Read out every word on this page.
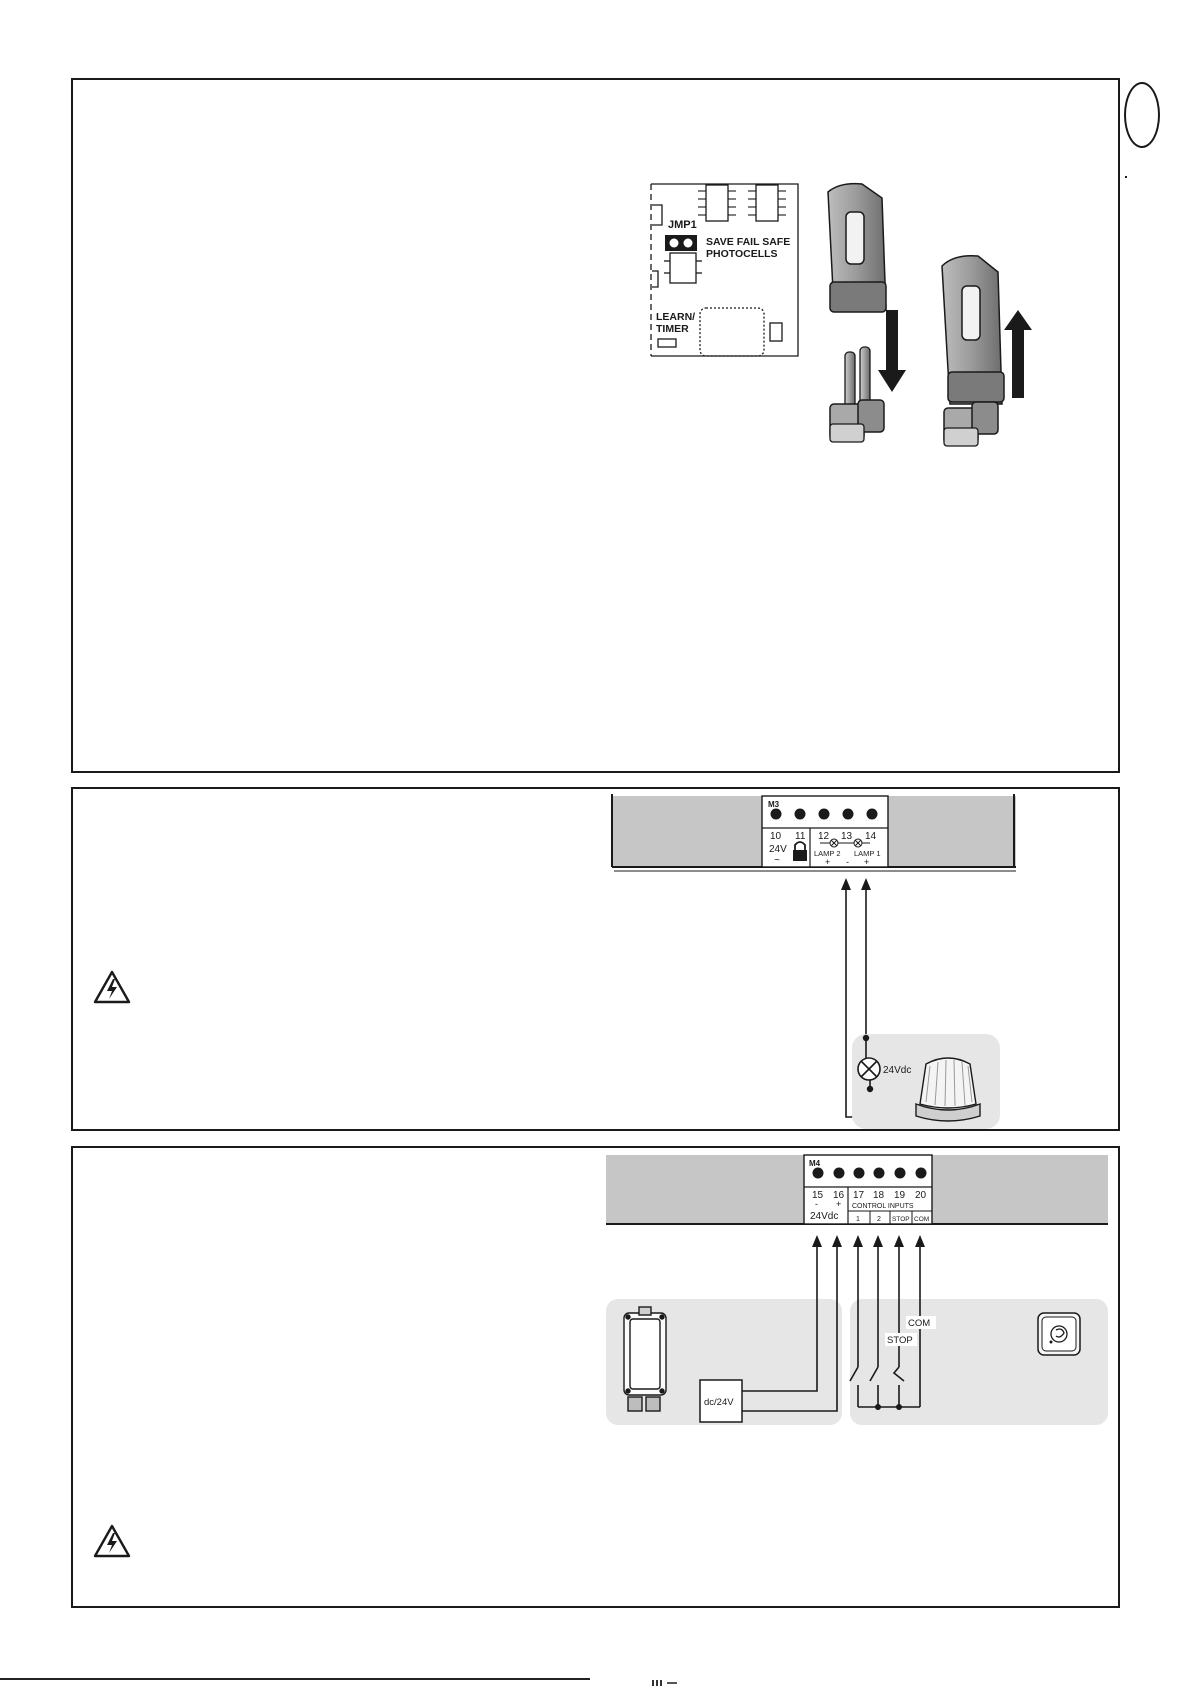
JMP1
SAVE FAIL SAFE
PHOTOCELLS
LEARN/
TIMER
M3
10 11 12 13 14
24V
~
LAMP 2 LAMP 1
+ - +
24Vdc
M4
15 16 17 18 19 20
- +
24Vdc
CONTROL INPUTS
1 2 STOP COM
dc/24V
STOP
COM
